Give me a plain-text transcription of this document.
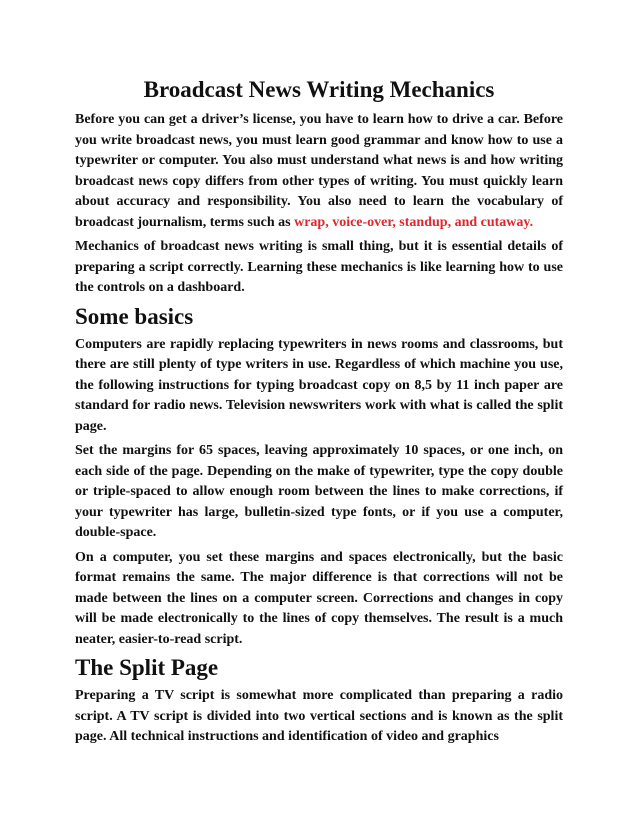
Broadcast News Writing Mechanics

Before you can get a driver’s license, you have to learn how to drive a car. Before you write broadcast news, you must learn good grammar and know how to use a typewriter or computer. You also must understand what news is and how writing broadcast news copy differs from other types of writing. You must quickly learn about accuracy and responsibility. You also need to learn the vocabulary of broadcast journalism, terms such as wrap, voice-over, standup, and cutaway.

Mechanics of broadcast news writing is small thing, but it is essential details of preparing a script correctly. Learning these mechanics is like learning how to use the controls on a dashboard.

Some basics

Computers are rapidly replacing typewriters in news rooms and classrooms, but there are still plenty of type writers in use. Regardless of which machine you use, the following instructions for typing broadcast copy on 8,5 by 11 inch paper are standard for radio news. Television newswriters work with what is called the split page.

Set the margins for 65 spaces, leaving approximately 10 spaces, or one inch, on each side of the page. Depending on the make of typewriter, type the copy double or triple-spaced to allow enough room between the lines to make corrections, if your typewriter has large, bulletin-sized type fonts, or if you use a computer, double-space.

On a computer, you set these margins and spaces electronically, but the basic format remains the same. The major difference is that corrections will not be made between the lines on a computer screen. Corrections and changes in copy will be made electronically to the lines of copy themselves. The result is a much neater, easier-to-read script.

The Split Page

Preparing a TV script is somewhat more complicated than preparing a radio script. A TV script is divided into two vertical sections and is known as the split page. All technical instructions and identification of video and graphics
